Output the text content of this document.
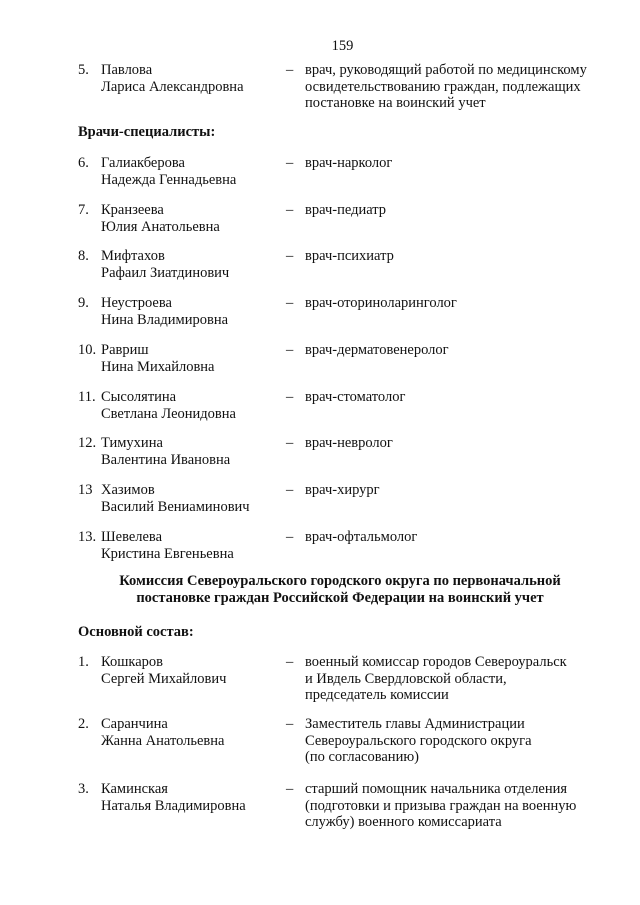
159
5. Павлова
Лариса Александровна
– врач, руководящий работой по медицинскому
освидетельствованию граждан, подлежащих
постановке на воинский учет
Врачи-специалисты:
6. Галиакберова
Надежда Геннадьевна
– врач-нарколог
7. Кранзеева
Юлия Анатольевна
– врач-педиатр
8. Мифтахов
Рафаил Зиатдинович
– врач-психиатр
9. Неустроева
Нина Владимировна
– врач-оториноларинголог
10. Равриш
Нина Михайловна
– врач-дерматовенеролог
11. Сысолятина
Светлана Леонидовна
– врач-стоматолог
12. Тимухина
Валентина Ивановна
– врач-невролог
13 Хазимов
Василий Вениаминович
– врач-хирург
13. Шевелева
Кристина Евгеньевна
– врач-офтальмолог
Комиссия Североуральского городского округа по первоначальной
постановке граждан Российской Федерации на воинский учет
Основной состав:
1. Кошкаров
Сергей Михайлович
– военный комиссар городов Североуральск
и Ивдель Свердловской области,
председатель комиссии
2. Саранчина
Жанна Анатольевна
– Заместитель главы Администрации
Североуральского городского округа
(по согласованию)
3. Каминская
Наталья Владимировна
– старший помощник начальника отделения
(подготовки и призыва граждан на военную
службу) военного комиссариата
